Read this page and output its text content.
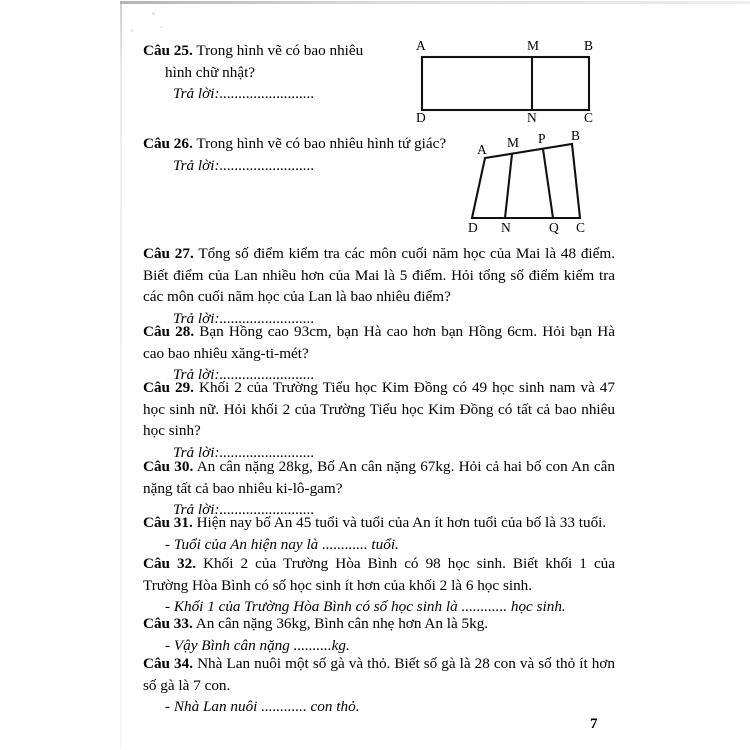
Câu 25. Trong hình vẽ có bao nhiêu
hình chữ nhật?
Trả lời:.........................
A	M	B
D	N	C
Câu 26. Trong hình vẽ có bao nhiêu hình tứ giác?
Trả lời:.........................
A M P B
D N	Q C
Câu 27. Tổng số điểm kiểm tra các môn cuối năm học của Mai là 48 điểm. Biết điểm của Lan nhiều hơn của Mai là 5 điểm. Hỏi tổng số điểm kiểm tra các môn cuối năm học của Lan là bao nhiêu điểm?
Trả lời:.........................
Câu 28. Bạn Hồng cao 93cm, bạn Hà cao hơn bạn Hồng 6cm. Hỏi bạn Hà cao bao nhiêu xăng-ti-mét?
Trả lời:.........................
Câu 29. Khối 2 của Trường Tiểu học Kim Đồng có 49 học sinh nam và 47 học sinh nữ. Hỏi khối 2 của Trường Tiểu học Kim Đồng có tất cả bao nhiêu học sinh?
Trả lời:.........................
Câu 30. An cân nặng 28kg, Bố An cân nặng 67kg. Hỏi cả hai bố con An cân nặng tất cả bao nhiêu ki-lô-gam?
Trả lời:.........................
Câu 31. Hiện nay bố An 45 tuổi và tuổi của An ít hơn tuổi của bố là 33 tuổi.
- Tuổi của An hiện nay là ............ tuổi.
Câu 32. Khối 2 của Trường Hòa Bình có 98 học sinh. Biết khối 1 của Trường Hòa Bình có số học sinh ít hơn của khối 2 là 6 học sinh.
- Khối 1 của Trường Hòa Bình có số học sinh là ............ học sinh.
Câu 33. An cân nặng 36kg, Bình cân nhẹ hơn An là 5kg.
- Vậy Bình cân nặng ..........kg.
Câu 34. Nhà Lan nuôi một số gà và thỏ. Biết số gà là 28 con và số thỏ ít hơn số gà là 7 con.
- Nhà Lan nuôi ............ con thỏ.
7
